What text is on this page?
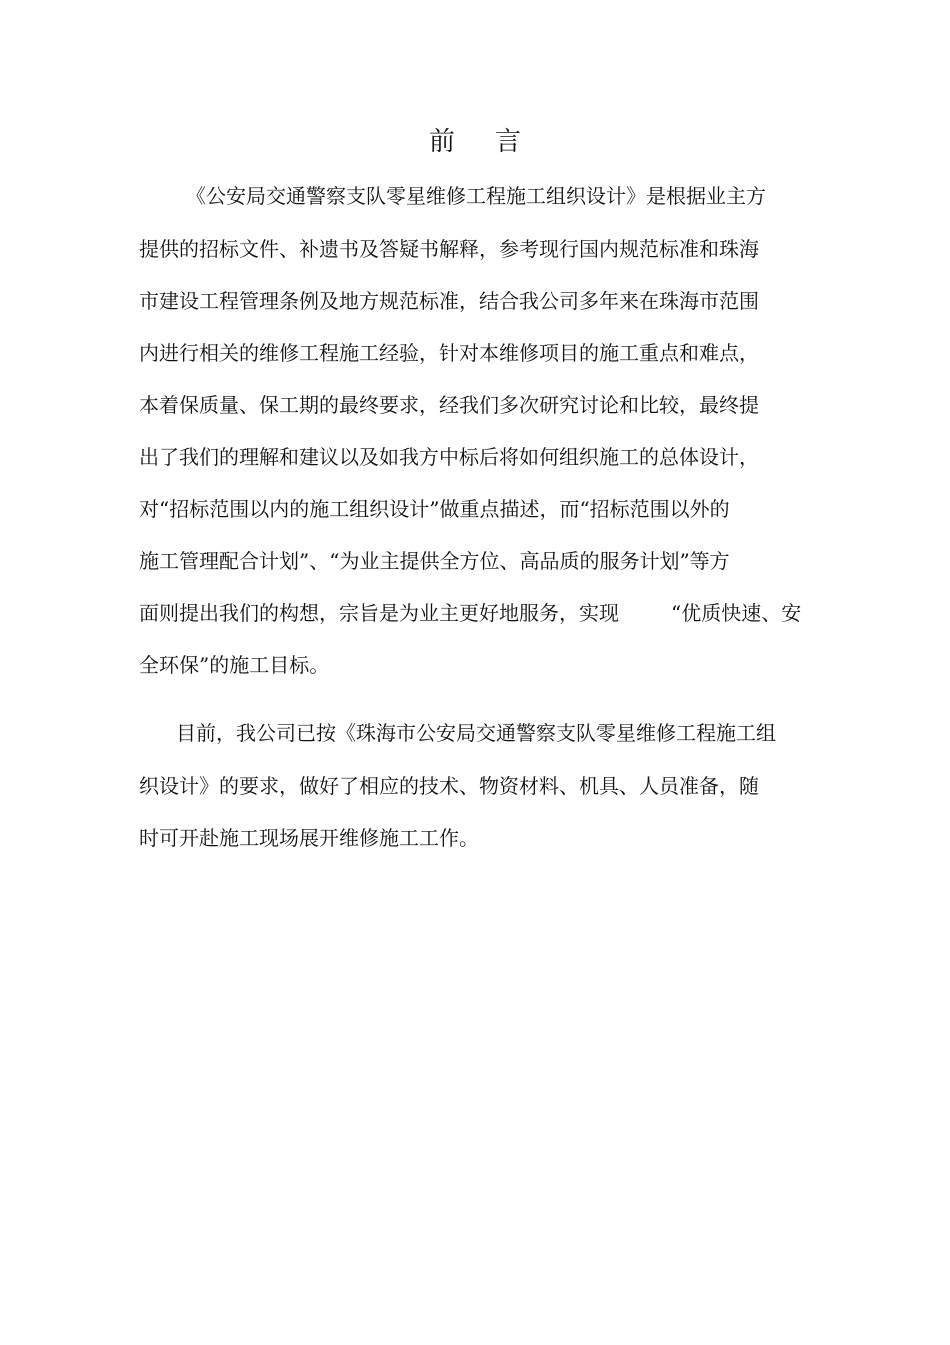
前 言
《公安局交通警察支队零星维修工程施工组织设计》是根据业主方
提供的招标文件、补遗书及答疑书解释，参考现行国内规范标准和珠海
市建设工程管理条例及地方规范标准，结合我公司多年来在珠海市范围
内进行相关的维修工程施工经验，针对本维修项目的施工重点和难点，
本着保质量、保工期的最终要求，经我们多次研究讨论和比较，最终提
出了我们的理解和建议以及如我方中标后将如何组织施工的总体设计，
对“招标范围以内的施工组织设计”做重点描述，而“招标范围以外的
施工管理配合计划”、“为业主提供全方位、高品质的服务计划”等方
面则提出我们的构想，宗旨是为业主更好地服务，实现	“优质快速、安
全环保”的施工目标。
目前，我公司已按《珠海市公安局交通警察支队零星维修工程施工组
织设计》的要求，做好了相应的技术、物资材料、机具、人员准备，随
时可开赴施工现场展开维修施工工作。
